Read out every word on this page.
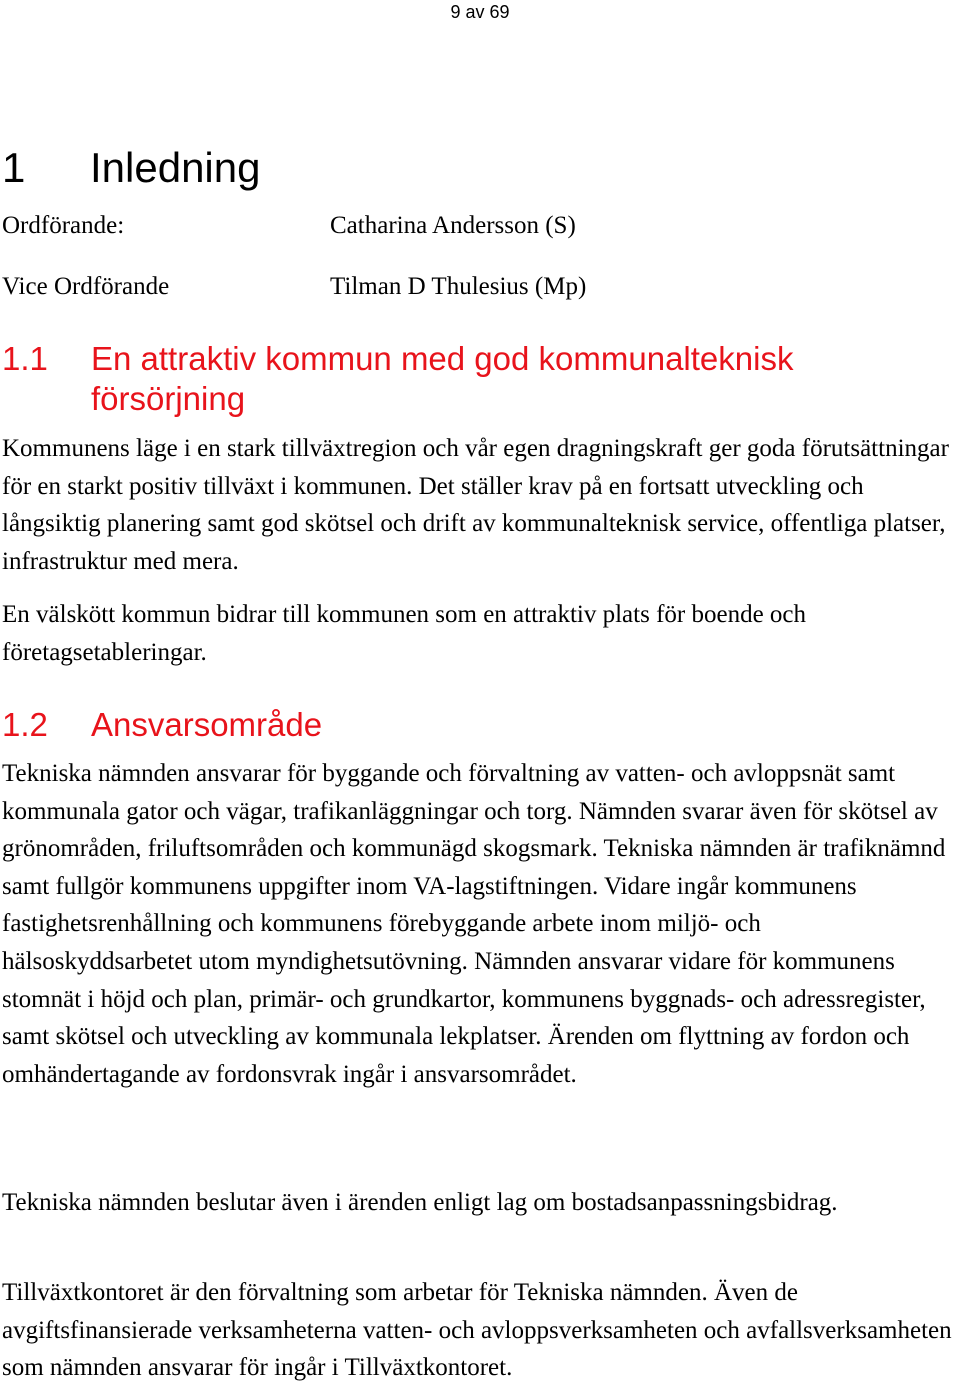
9 av 69
1 Inledning
Ordförande:	Catharina Andersson (S)
Vice Ordförande	Tilman D Thulesius (Mp)
1.1 En attraktiv kommun med god kommunalteknisk försörjning
Kommunens läge i en stark tillväxtregion och vår egen dragningskraft ger goda förutsättningar för en starkt positiv tillväxt i kommunen. Det ställer krav på en fortsatt utveckling och långsiktig planering samt god skötsel och drift av kommunalteknisk service, offentliga platser, infrastruktur med mera.
En välskött kommun bidrar till kommunen som en attraktiv plats för boende och företagsetableringar.
1.2 Ansvarsområde
Tekniska nämnden ansvarar för byggande och förvaltning av vatten- och avloppsnät samt kommunala gator och vägar, trafikanläggningar och torg. Nämnden svarar även för skötsel av grönområden, friluftsområden och kommunägd skogsmark. Tekniska nämnden är trafiknämnd samt fullgör kommunens uppgifter inom VA-lagstiftningen. Vidare ingår kommunens fastighetsrenhållning och kommunens förebyggande arbete inom miljö- och hälsoskyddsarbetet utom myndighetsutövning. Nämnden ansvarar vidare för kommunens stomnät i höjd och plan, primär- och grundkartor, kommunens byggnads- och adressregister, samt skötsel och utveckling av kommunala lekplatser. Ärenden om flyttning av fordon och omhändertagande av fordonsvrak ingår i ansvarsområdet.
Tekniska nämnden beslutar även i ärenden enligt lag om bostadsanpassningsbidrag.
Tillväxtkontoret är den förvaltning som arbetar för Tekniska nämnden. Även de avgiftsfinansierade verksamheterna vatten- och avloppsverksamheten och avfallsverksamheten som nämnden ansvarar för ingår i Tillväxtkontoret.
